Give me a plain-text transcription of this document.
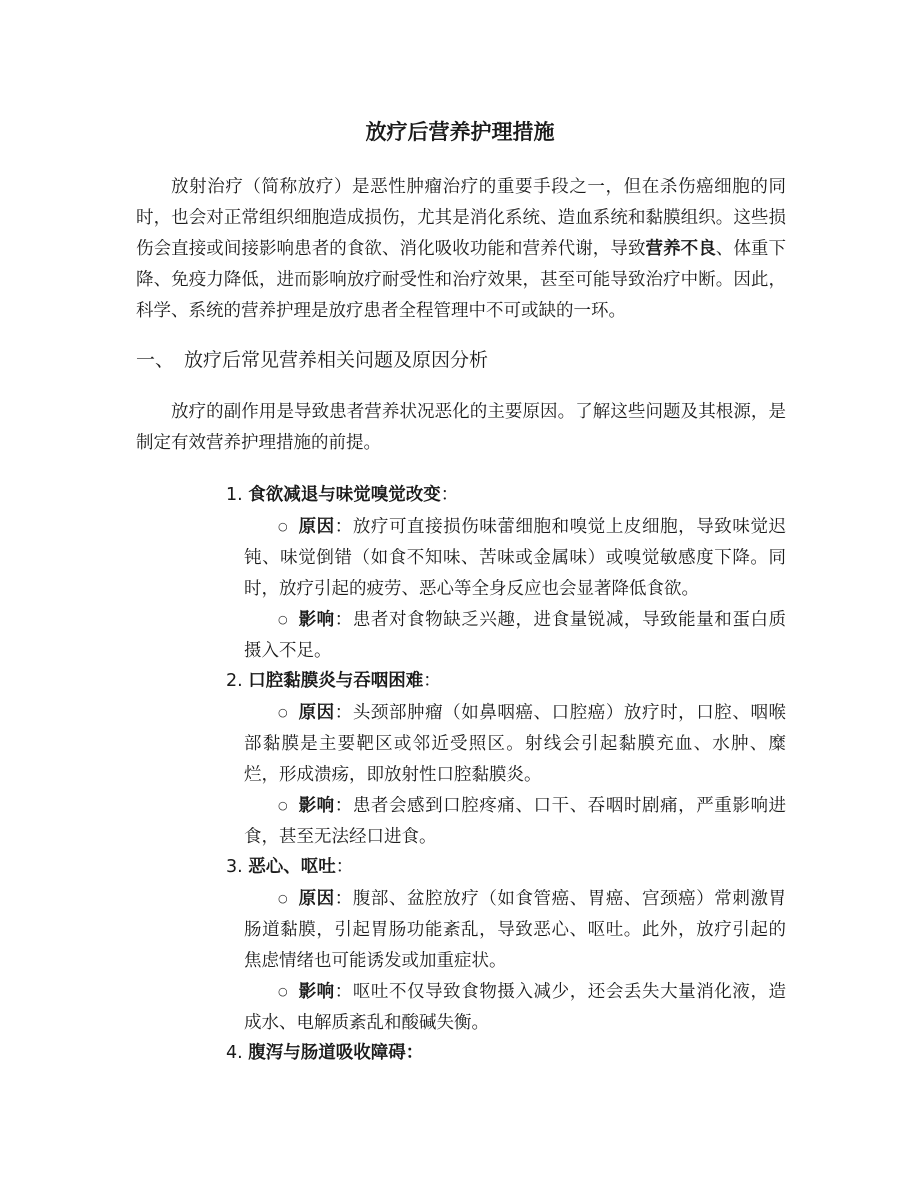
放疗后营养护理措施

放射治疗（简称放疗）是恶性肿瘤治疗的重要手段之一，但在杀伤癌细胞的同时，也会对正常组织细胞造成损伤，尤其是消化系统、造血系统和黏膜组织。这些损伤会直接或间接影响患者的食欲、消化吸收功能和营养代谢，导致营养不良、体重下降、免疫力降低，进而影响放疗耐受性和治疗效果，甚至可能导致治疗中断。因此，科学、系统的营养护理是放疗患者全程管理中不可或缺的一环。

一、 放疗后常见营养相关问题及原因分析

放疗的副作用是导致患者营养状况恶化的主要原因。了解这些问题及其根源，是制定有效营养护理措施的前提。

1. 食欲减退与味觉嗅觉改变：

○ 原因：放疗可直接损伤味蕾细胞和嗅觉上皮细胞，导致味觉迟钝、味觉倒错（如食不知味、苦味或金属味）或嗅觉敏感度下降。同时，放疗引起的疲劳、恶心等全身反应也会显著降低食欲。

○ 影响：患者对食物缺乏兴趣，进食量锐减，导致能量和蛋白质摄入不足。

2. 口腔黏膜炎与吞咽困难：

○ 原因：头颈部肿瘤（如鼻咽癌、口腔癌）放疗时，口腔、咽喉部黏膜是主要靶区或邻近受照区。射线会引起黏膜充血、水肿、糜烂，形成溃疡，即放射性口腔黏膜炎。

○ 影响：患者会感到口腔疼痛、口干、吞咽时剧痛，严重影响进食，甚至无法经口进食。

3. 恶心、呕吐：

○ 原因：腹部、盆腔放疗（如食管癌、胃癌、宫颈癌）常刺激胃肠道黏膜，引起胃肠功能紊乱，导致恶心、呕吐。此外，放疗引起的焦虑情绪也可能诱发或加重症状。

○ 影响：呕吐不仅导致食物摄入减少，还会丢失大量消化液，造成水、电解质紊乱和酸碱失衡。

4. 腹泻与肠道吸收障碍：
